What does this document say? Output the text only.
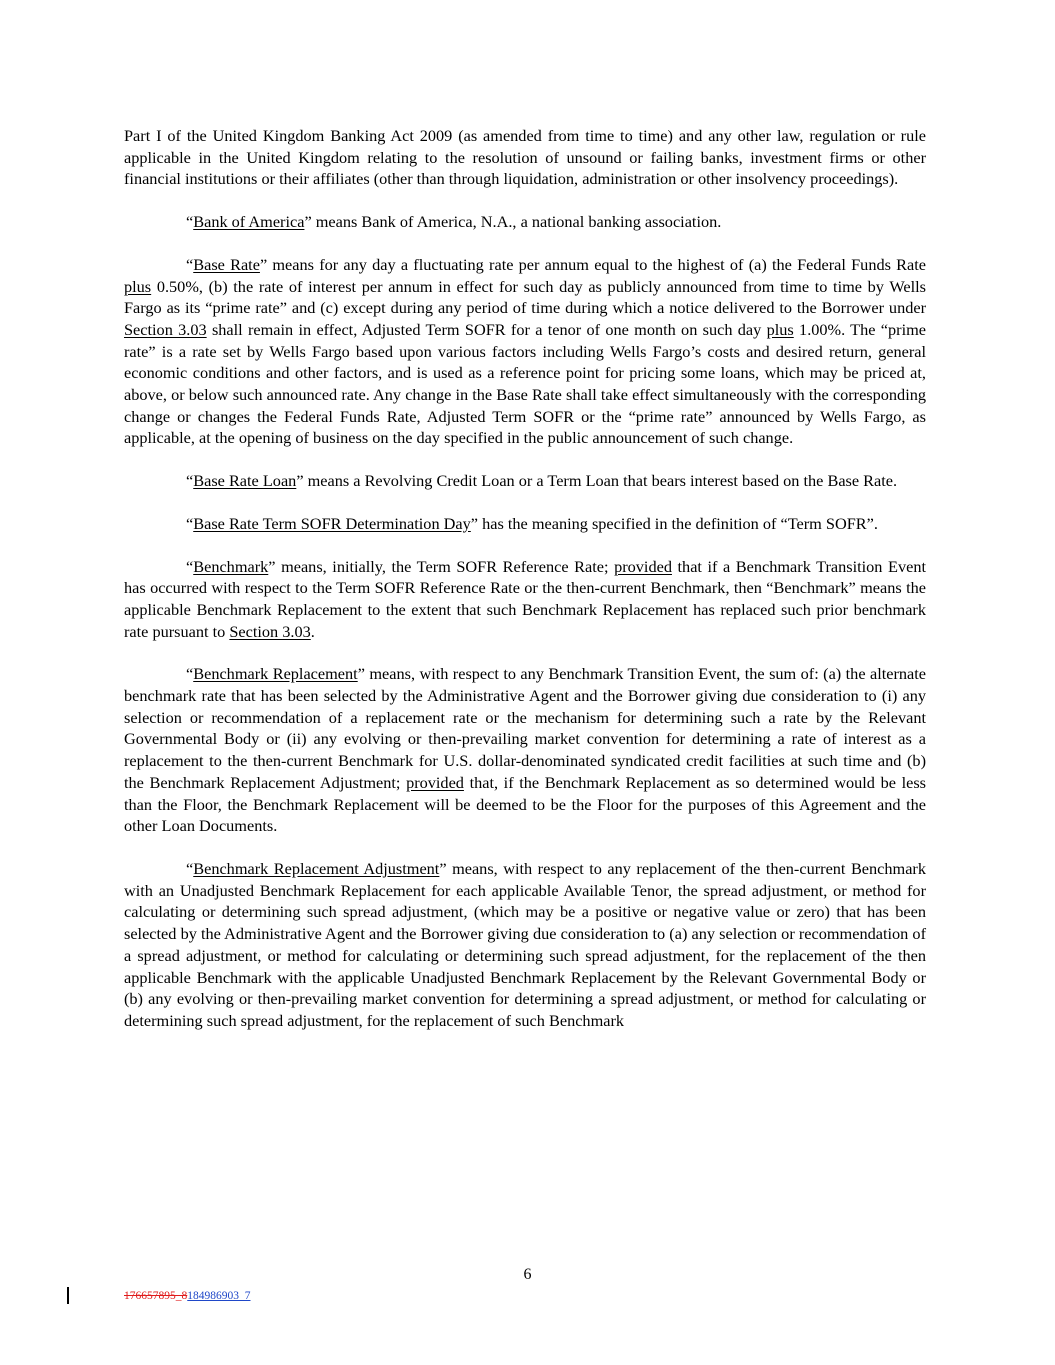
Part I of the United Kingdom Banking Act 2009 (as amended from time to time) and any other law, regulation or rule applicable in the United Kingdom relating to the resolution of unsound or failing banks, investment firms or other financial institutions or their affiliates (other than through liquidation, administration or other insolvency proceedings).

“Bank of America” means Bank of America, N.A., a national banking association.

“Base Rate” means for any day a fluctuating rate per annum equal to the highest of (a) the Federal Funds Rate plus 0.50%, (b) the rate of interest per annum in effect for such day as publicly announced from time to time by Wells Fargo as its “prime rate” and (c) except during any period of time during which a notice delivered to the Borrower under Section 3.03 shall remain in effect, Adjusted Term SOFR for a tenor of one month on such day plus 1.00%. The “prime rate” is a rate set by Wells Fargo based upon various factors including Wells Fargo’s costs and desired return, general economic conditions and other factors, and is used as a reference point for pricing some loans, which may be priced at, above, or below such announced rate. Any change in the Base Rate shall take effect simultaneously with the corresponding change or changes the Federal Funds Rate, Adjusted Term SOFR or the “prime rate” announced by Wells Fargo, as applicable, at the opening of business on the day specified in the public announcement of such change.

“Base Rate Loan” means a Revolving Credit Loan or a Term Loan that bears interest based on the Base Rate.

“Base Rate Term SOFR Determination Day” has the meaning specified in the definition of “Term SOFR”.

“Benchmark” means, initially, the Term SOFR Reference Rate; provided that if a Benchmark Transition Event has occurred with respect to the Term SOFR Reference Rate or the then-current Benchmark, then “Benchmark” means the applicable Benchmark Replacement to the extent that such Benchmark Replacement has replaced such prior benchmark rate pursuant to Section 3.03.

“Benchmark Replacement” means, with respect to any Benchmark Transition Event, the sum of: (a) the alternate benchmark rate that has been selected by the Administrative Agent and the Borrower giving due consideration to (i) any selection or recommendation of a replacement rate or the mechanism for determining such a rate by the Relevant Governmental Body or (ii) any evolving or then-prevailing market convention for determining a rate of interest as a replacement to the then-current Benchmark for U.S. dollar-denominated syndicated credit facilities at such time and (b) the Benchmark Replacement Adjustment; provided that, if the Benchmark Replacement as so determined would be less than the Floor, the Benchmark Replacement will be deemed to be the Floor for the purposes of this Agreement and the other Loan Documents.

“Benchmark Replacement Adjustment” means, with respect to any replacement of the then-current Benchmark with an Unadjusted Benchmark Replacement for each applicable Available Tenor, the spread adjustment, or method for calculating or determining such spread adjustment, (which may be a positive or negative value or zero) that has been selected by the Administrative Agent and the Borrower giving due consideration to (a) any selection or recommendation of a spread adjustment, or method for calculating or determining such spread adjustment, for the replacement of the then applicable Benchmark with the applicable Unadjusted Benchmark Replacement by the Relevant Governmental Body or (b) any evolving or then-prevailing market convention for determining a spread adjustment, or method for calculating or determining such spread adjustment, for the replacement of such Benchmark

6
176657895_8184986903_7
